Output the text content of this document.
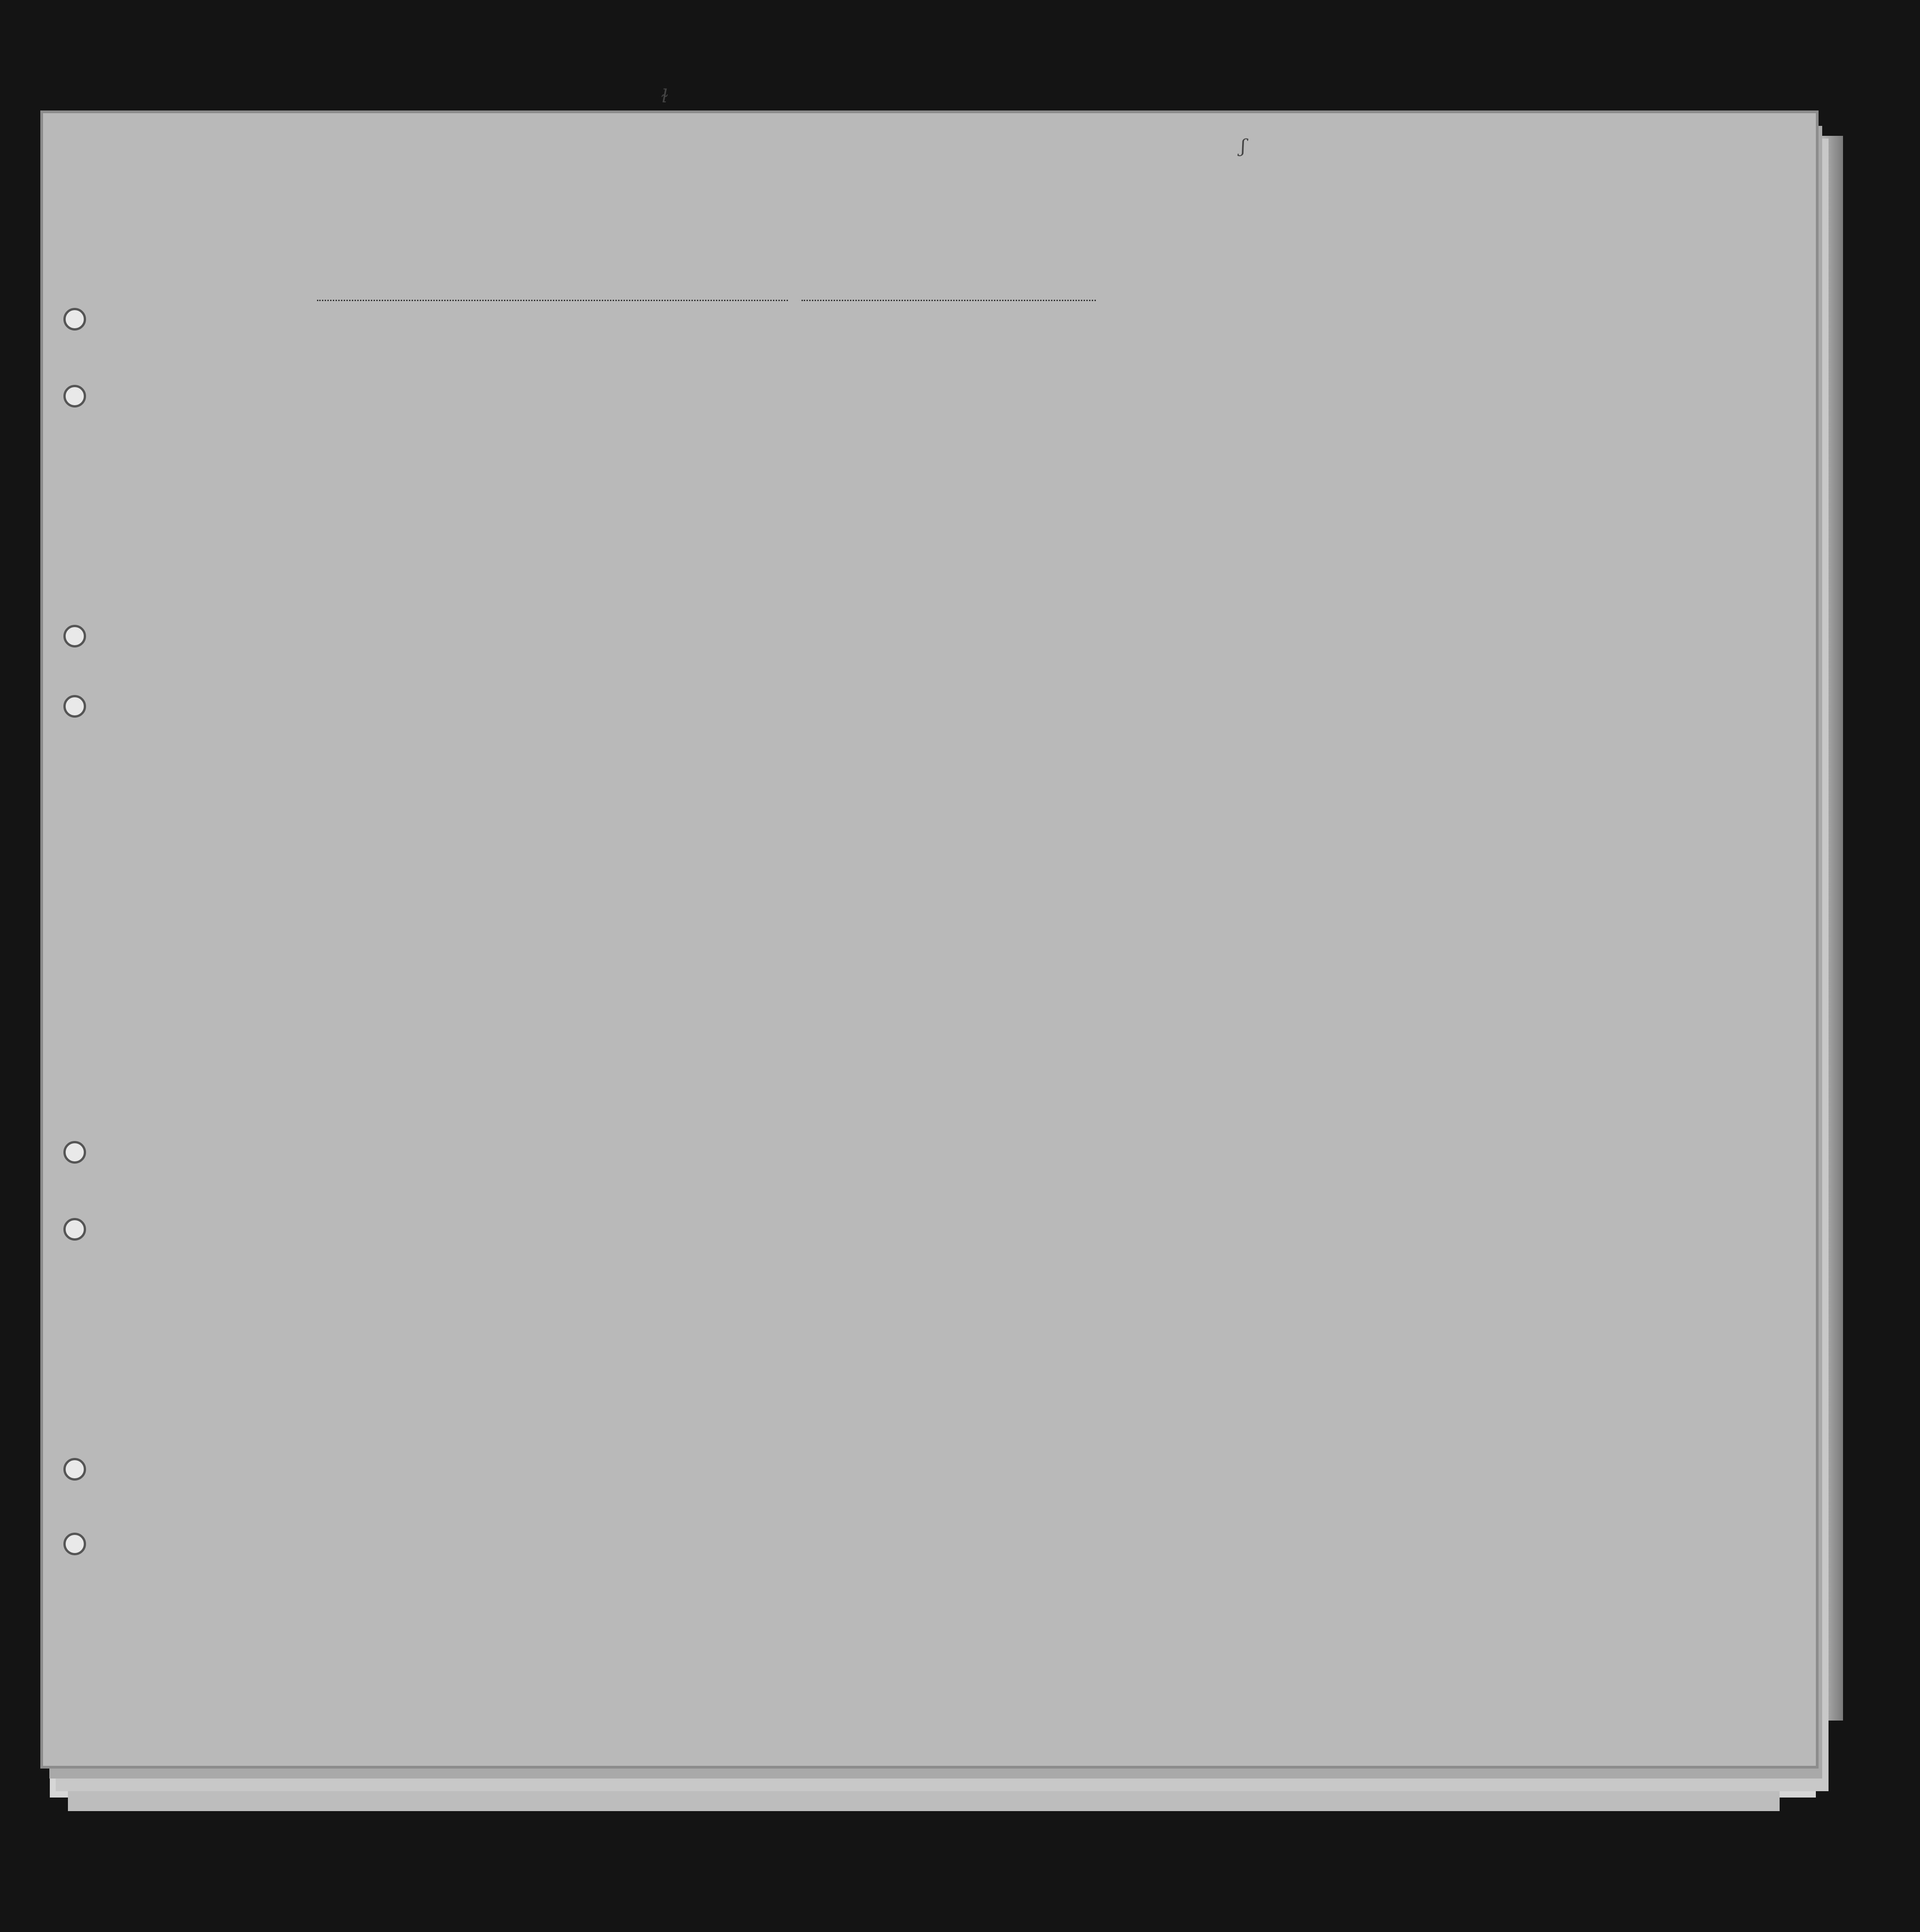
ɫ
ʃ
